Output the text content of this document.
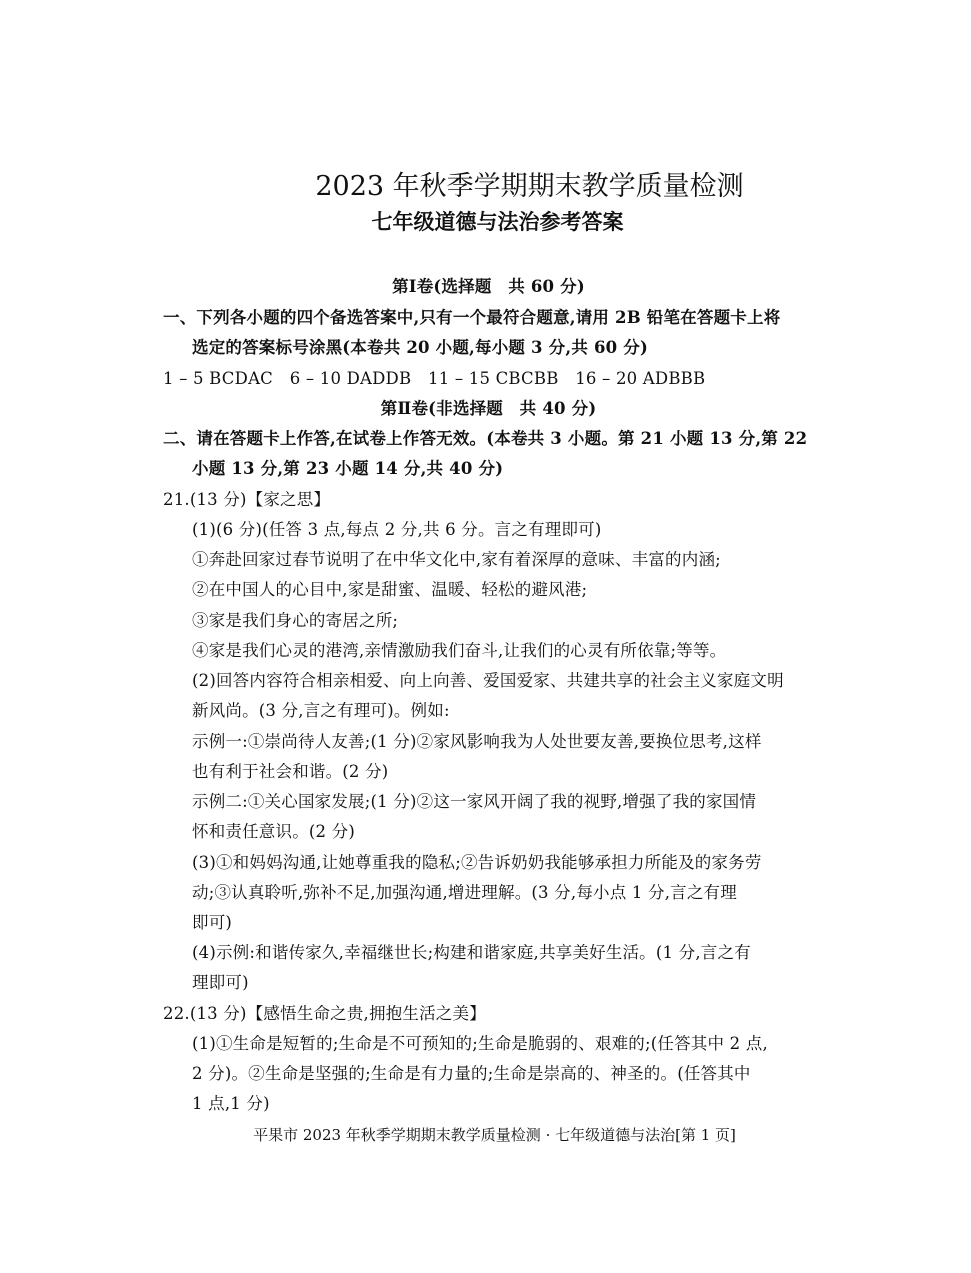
2023 年秋季学期期末教学质量检测
七年级道德与法治参考答案
第Ⅰ卷(选择题　共 60 分)
一、下列各小题的四个备选答案中,只有一个最符合题意,请用 2B 铅笔在答题卡上将
选定的答案标号涂黑(本卷共 20 小题,每小题 3 分,共 60 分)
1 – 5 BCDAC　6 – 10 DADDB　11 – 15 CBCBB　16 – 20 ADBBB
第Ⅱ卷(非选择题　共 40 分)
二、请在答题卡上作答,在试卷上作答无效。(本卷共 3 小题。第 21 小题 13 分,第 22
小题 13 分,第 23 小题 14 分,共 40 分)
21.(13 分)【家之思】
(1)(6 分)(任答 3 点,每点 2 分,共 6 分。言之有理即可)
①奔赴回家过春节说明了在中华文化中,家有着深厚的意味、丰富的内涵;
②在中国人的心目中,家是甜蜜、温暖、轻松的避风港;
③家是我们身心的寄居之所;
④家是我们心灵的港湾,亲情激励我们奋斗,让我们的心灵有所依靠;等等。
(2)回答内容符合相亲相爱、向上向善、爱国爱家、共建共享的社会主义家庭文明
新风尚。(3 分,言之有理可)。例如:
示例一:①崇尚待人友善;(1 分)②家风影响我为人处世要友善,要换位思考,这样
也有利于社会和谐。(2 分)
示例二:①关心国家发展;(1 分)②这一家风开阔了我的视野,增强了我的家国情
怀和责任意识。(2 分)
(3)①和妈妈沟通,让她尊重我的隐私;②告诉奶奶我能够承担力所能及的家务劳
动;③认真聆听,弥补不足,加强沟通,增进理解。(3 分,每小点 1 分,言之有理
即可)
(4)示例:和谐传家久,幸福继世长;构建和谐家庭,共享美好生活。(1 分,言之有
理即可)
22.(13 分)【感悟生命之贵,拥抱生活之美】
(1)①生命是短暂的;生命是不可预知的;生命是脆弱的、艰难的;(任答其中 2 点,
2 分)。②生命是坚强的;生命是有力量的;生命是崇高的、神圣的。(任答其中
1 点,1 分)
平果市 2023 年秋季学期期末教学质量检测 · 七年级道德与法治[第 1 页]
